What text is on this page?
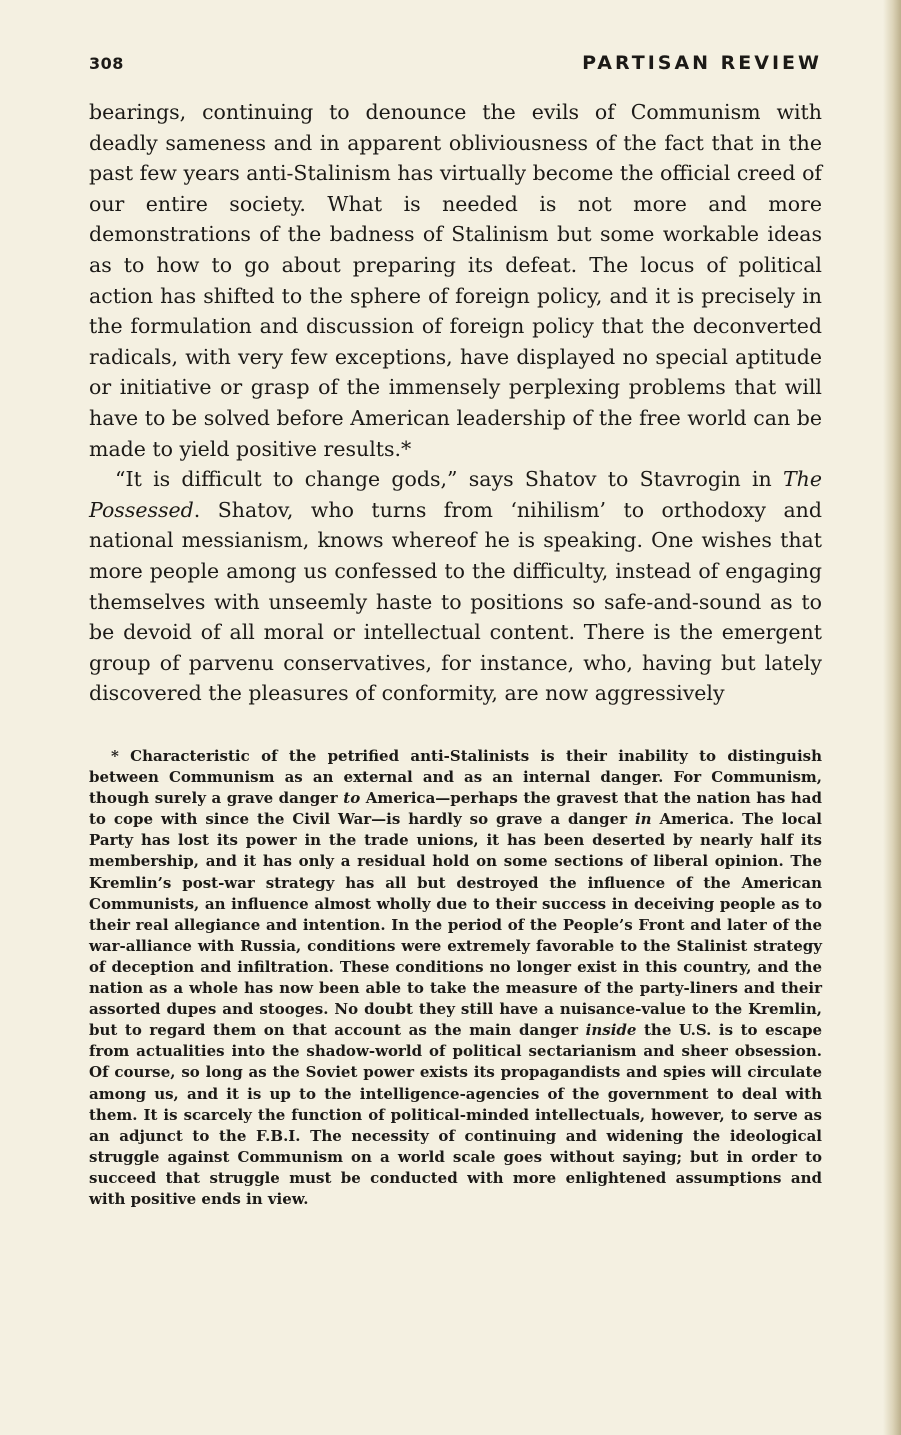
308	PARTISAN REVIEW

bearings, continuing to denounce the evils of Communism with deadly sameness and in apparent obliviousness of the fact that in the past few years anti-Stalinism has virtually become the official creed of our entire society. What is needed is not more and more demonstrations of the badness of Stalinism but some workable ideas as to how to go about preparing its defeat. The locus of political action has shifted to the sphere of foreign policy, and it is precisely in the formulation and discussion of foreign policy that the deconverted radicals, with very few exceptions, have displayed no special aptitude or initiative or grasp of the immensely perplexing problems that will have to be solved before American leadership of the free world can be made to yield positive results.*

“It is difficult to change gods,” says Shatov to Stavrogin in The Possessed. Shatov, who turns from ‘nihilism’ to orthodoxy and national messianism, knows whereof he is speaking. One wishes that more people among us confessed to the difficulty, instead of engaging themselves with unseemly haste to positions so safe-and-sound as to be devoid of all moral or intellectual content. There is the emergent group of parvenu conservatives, for instance, who, having but lately discovered the pleasures of conformity, are now aggressively

* Characteristic of the petrified anti-Stalinists is their inability to distinguish between Communism as an external and as an internal danger. For Communism, though surely a grave danger to America—perhaps the gravest that the nation has had to cope with since the Civil War—is hardly so grave a danger in America. The local Party has lost its power in the trade unions, it has been deserted by nearly half its membership, and it has only a residual hold on some sections of liberal opinion. The Kremlin’s post-war strategy has all but destroyed the influence of the American Communists, an influence almost wholly due to their success in deceiving people as to their real allegiance and intention. In the period of the People’s Front and later of the war-alliance with Russia, conditions were extremely favorable to the Stalinist strategy of deception and infiltration. These conditions no longer exist in this country, and the nation as a whole has now been able to take the measure of the party-liners and their assorted dupes and stooges. No doubt they still have a nuisance-value to the Kremlin, but to regard them on that account as the main danger inside the U.S. is to escape from actualities into the shadow-world of political sectarianism and sheer obsession. Of course, so long as the Soviet power exists its propagandists and spies will circulate among us, and it is up to the intelligence-agencies of the government to deal with them. It is scarcely the function of political-minded intellectuals, however, to serve as an adjunct to the F.B.I. The necessity of continuing and widening the ideological struggle against Communism on a world scale goes without saying; but in order to succeed that struggle must be conducted with more enlightened assumptions and with positive ends in view.
